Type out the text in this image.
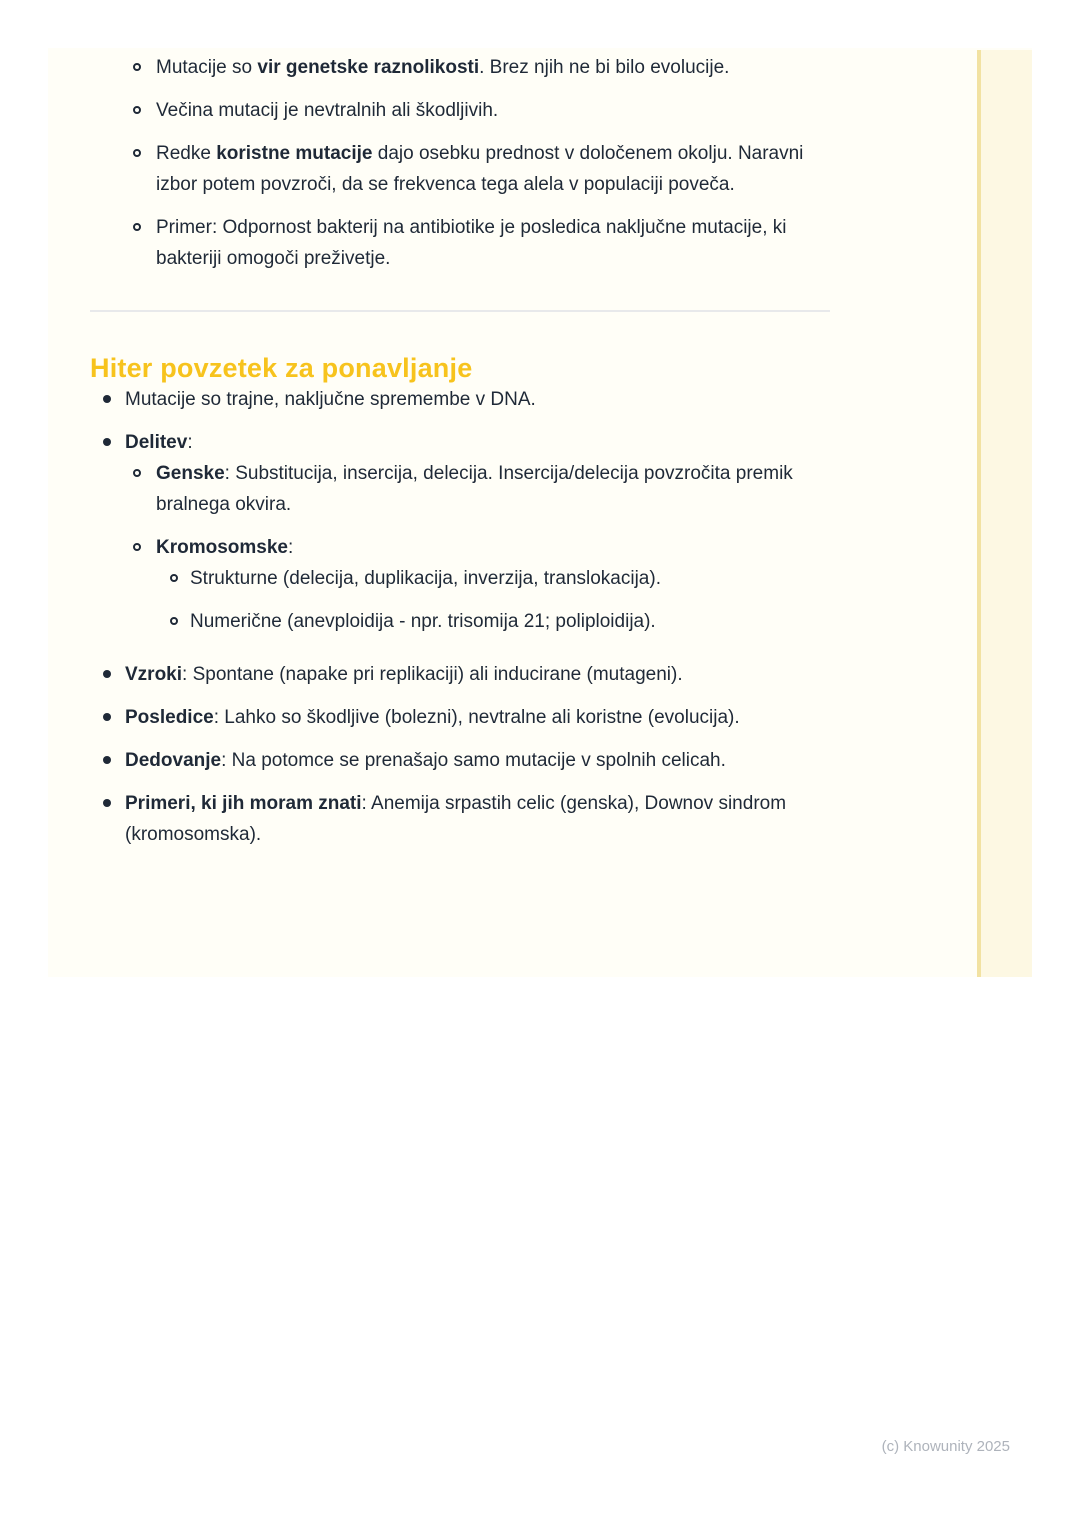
Mutacije so vir genetske raznolikosti. Brez njih ne bi bilo evolucije.
Večina mutacij je nevtralnih ali škodljivih.
Redke koristne mutacije dajo osebku prednost v določenem okolju. Naravni izbor potem povzroči, da se frekvenca tega alela v populaciji poveča.
Primer: Odpornost bakterij na antibiotike je posledica naključne mutacije, ki bakteriji omogoči preživetje.
Hiter povzetek za ponavljanje
Mutacije so trajne, naključne spremembe v DNA.
Delitev:
Genske: Substitucija, insercija, delecija. Insercija/delecija povzročita premik bralnega okvira.
Kromosomske:
Strukturne (delecija, duplikacija, inverzija, translokacija).
Numerične (anevploidija - npr. trisomija 21; poliploidija).
Vzroki: Spontane (napake pri replikaciji) ali inducirane (mutageni).
Posledice: Lahko so škodljive (bolezni), nevtralne ali koristne (evolucija).
Dedovanje: Na potomce se prenašajo samo mutacije v spolnih celicah.
Primeri, ki jih moram znati: Anemija srpastih celic (genska), Downov sindrom (kromosomska).
(c) Knowunity 2025
